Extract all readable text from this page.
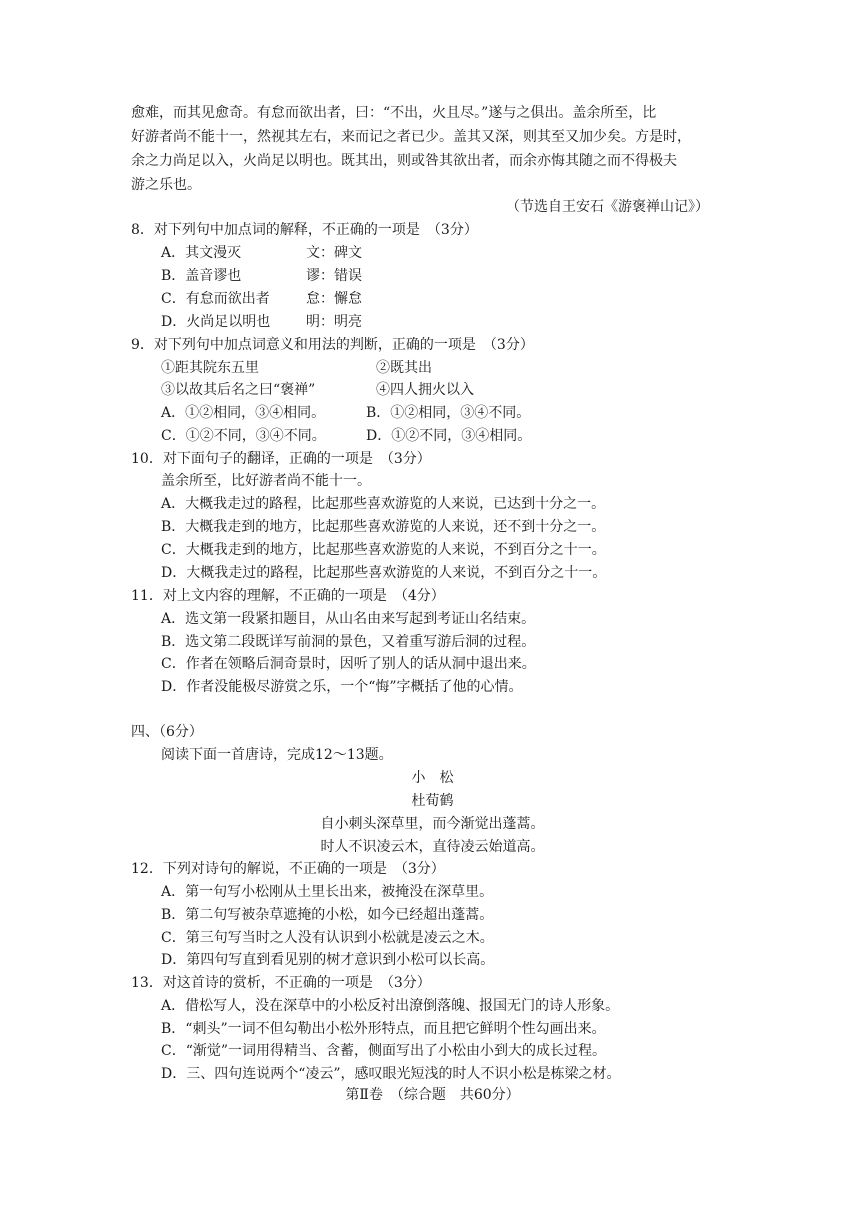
愈难，而其见愈奇。有怠而欲出者，曰：“不出，火且尽。”遂与之俱出。盖余所至，比
好游者尚不能十一，然视其左右，来而记之者已少。盖其又深，则其至又加少矣。方是时，
余之力尚足以入，火尚足以明也。既其出，则或咎其欲出者，而余亦悔其随之而不得极夫
游之乐也。
（节选自王安石《游褒禅山记》）
8．对下列句中加点词的解释，不正确的一项是　（3分）
A．其文漫灭	文：碑文
B．盖音谬也	谬：错误
C．有怠而欲出者	怠：懈怠
D．火尚足以明也	明：明亮
9．对下列句中加点词意义和用法的判断，正确的一项是　（3分）
①距其院东五里	②既其出
③以故其后名之曰“褒禅”	④四人拥火以入
A．①②相同，③④相同。	B．①②相同，③④不同。
C．①②不同，③④不同。	D．①②不同，③④相同。
10．对下面句子的翻译，正确的一项是　（3分）
盖余所至，比好游者尚不能十一。
A．大概我走过的路程，比起那些喜欢游览的人来说，已达到十分之一。
B．大概我走到的地方，比起那些喜欢游览的人来说，还不到十分之一。
C．大概我走到的地方，比起那些喜欢游览的人来说，不到百分之十一。
D．大概我走过的路程，比起那些喜欢游览的人来说，不到百分之十一。
11．对上文内容的理解，不正确的一项是　（4分）
A．选文第一段紧扣题目，从山名由来写起到考证山名结束。
B．选文第二段既详写前洞的景色，又着重写游后洞的过程。
C．作者在领略后洞奇景时，因听了别人的话从洞中退出来。
D．作者没能极尽游赏之乐，一个“悔”字概括了他的心情。
四、（6分）
阅读下面一首唐诗，完成12～13题。
小　松
杜荀鹤
自小刺头深草里，而今渐觉出蓬蒿。
时人不识凌云木，直待凌云始道高。
12．下列对诗句的解说，不正确的一项是　（3分）
A．第一句写小松刚从土里长出来，被掩没在深草里。
B．第二句写被杂草遮掩的小松，如今已经超出蓬蒿。
C．第三句写当时之人没有认识到小松就是凌云之木。
D．第四句写直到看见别的树才意识到小松可以长高。
13．对这首诗的赏析，不正确的一项是　（3分）
A．借松写人，没在深草中的小松反衬出潦倒落魄、报国无门的诗人形象。
B．“刺头”一词不但勾勒出小松外形特点，而且把它鲜明个性勾画出来。
C．“渐觉”一词用得精当、含蓄，侧面写出了小松由小到大的成长过程。
D．三、四句连说两个“凌云”，感叹眼光短浅的时人不识小松是栋梁之材。
第Ⅱ卷　（综合题　共60分）
